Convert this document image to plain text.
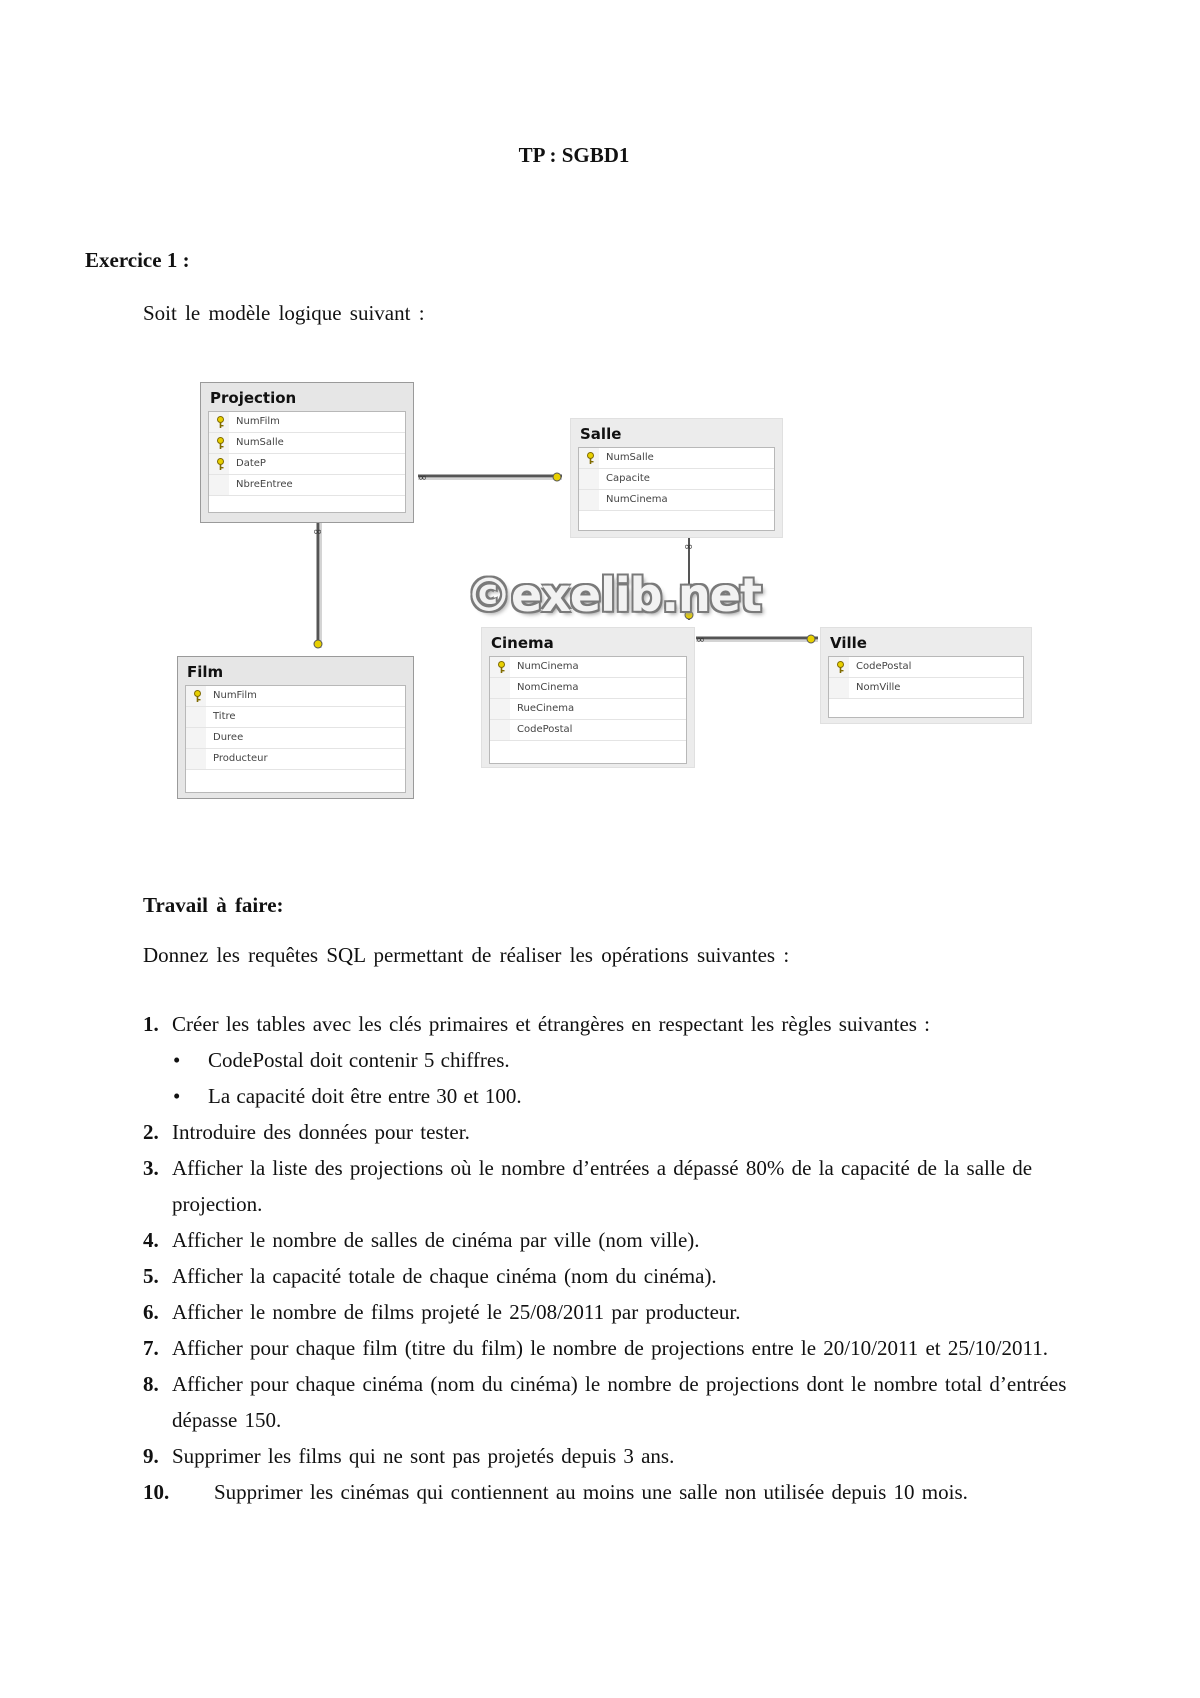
TP : SGBD1
Exercice 1 :
Soit le modèle logique suivant :
∞
∞
∞
∞
Projection
NumFilm
NumSalle
DateP
NbreEntree
Salle
NumSalle
Capacite
NumCinema
Film
NumFilm
Titre
Duree
Producteur
Cinema
NumCinema
NomCinema
RueCinema
CodePostal
Ville
CodePostal
NomVille
©exelib.net
Travail à faire:
Donnez les requêtes SQL permettant de réaliser les opérations suivantes :
1. Créer les tables avec les clés primaires et étrangères en respectant les règles suivantes :
• CodePostal doit contenir 5 chiffres.
• La capacité doit être entre 30 et 100.
2. Introduire des données pour tester.
3. Afficher la liste des projections où le nombre d’entrées a dépassé 80% de la capacité de la salle de projection.
4. Afficher le nombre de salles de cinéma par ville (nom ville).
5. Afficher la capacité totale de chaque cinéma (nom du cinéma).
6. Afficher le nombre de films projeté le 25/08/2011 par producteur.
7. Afficher pour chaque film (titre du film) le nombre de projections entre le 20/10/2011 et 25/10/2011.
8. Afficher pour chaque cinéma (nom du cinéma) le nombre de projections dont le nombre total d’entrées dépasse 150.
9. Supprimer les films qui ne sont pas projetés depuis 3 ans.
10. Supprimer les cinémas qui contiennent au moins une salle non utilisée depuis 10 mois.
